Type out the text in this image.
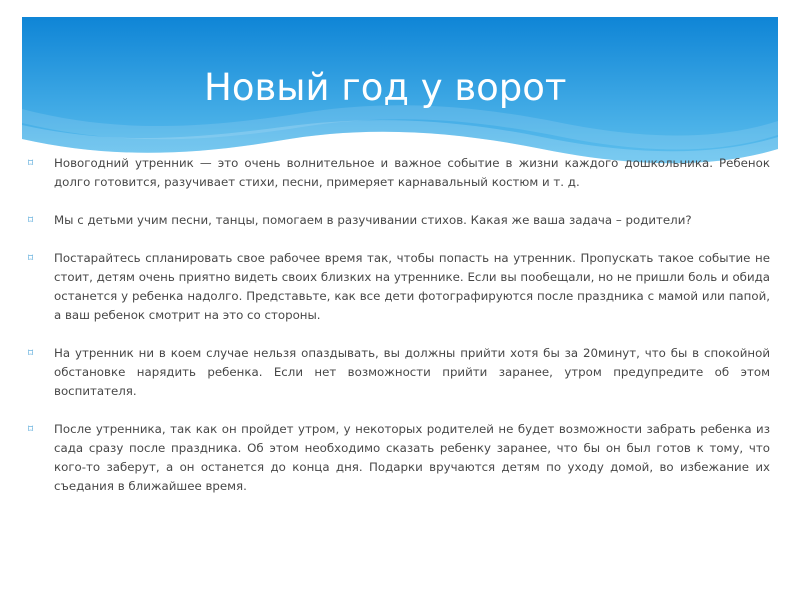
Новый год у ворот
⌑ Новогодний утренник — это очень волнительное и важное событие в жизни каждого дошкольника. Ребенок долго готовится, разучивает стихи, песни, примеряет карнавальный костюм и т. д.
⌑ Мы с детьми учим песни, танцы, помогаем в разучивании стихов. Какая же ваша задача – родители?
⌑ Постарайтесь спланировать свое рабочее время так, чтобы попасть на утренник. Пропускать такое событие не стоит, детям очень приятно видеть своих близких на утреннике. Если вы пообещали, но не пришли боль и обида останется у ребенка надолго. Представьте, как все дети фотографируются после праздника с мамой или папой, а ваш ребенок смотрит на это со стороны.
⌑ На утренник ни в коем случае нельзя опаздывать, вы должны прийти хотя бы за 20минут, что бы в спокойной обстановке нарядить ребенка. Если нет возможности прийти заранее, утром предупредите об этом воспитателя.
⌑ После утренника, так как он пройдет утром, у некоторых родителей не будет возможности забрать ребенка из сада сразу после праздника. Об этом необходимо сказать ребенку заранее, что бы он был готов к тому, что кого-то заберут, а он останется до конца дня. Подарки вручаются детям по уходу домой, во избежание их съедания в ближайшее время.
